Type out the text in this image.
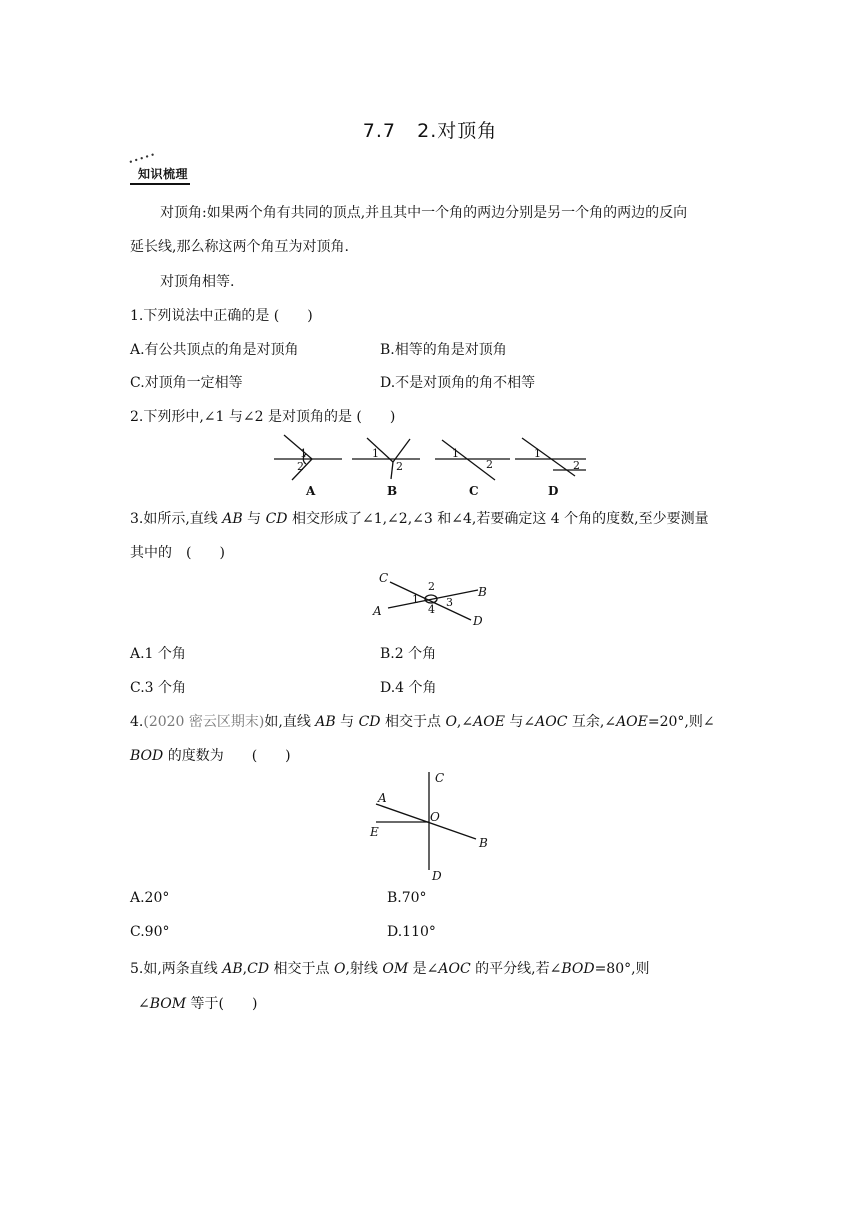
7.7   2.对顶角
•••••
知识梳理
对顶角:如果两个角有共同的顶点,并且其中一个角的两边分别是另一个角的两边的反向
延长线,那么称这两个角互为对顶角.
对顶角相等.
1.下列说法中正确的是 (　　)
A.有公共顶点的角是对顶角	B.相等的角是对顶角
C.对顶角一定相等	D.不是对顶角的角不相等
2.下列形中,∠1 与∠2 是对顶角的是 (　　)
1
2
1
2
1
2
1
2
A	B	C	D
3.如所示,直线 AB 与 CD 相交形成了∠1,∠2,∠3 和∠4,若要确定这 4 个角的度数,至少要测量
其中的　(　　)
C
B
A
D
1
2
3
4
A.1 个角	B.2 个角
C.3 个角	D.4 个角
4.(2020 密云区期末)如,直线 AB 与 CD 相交于点 O,∠AOE 与∠AOC 互余,∠AOE=20°,则∠
BOD 的度数为　　(　　)
C
A
O
E
B
D
A.20°	B.70°
C.90°	D.110°
5.如,两条直线 AB,CD 相交于点 O,射线 OM 是∠AOC 的平分线,若∠BOD=80°,则
∠BOM 等于(　　)
